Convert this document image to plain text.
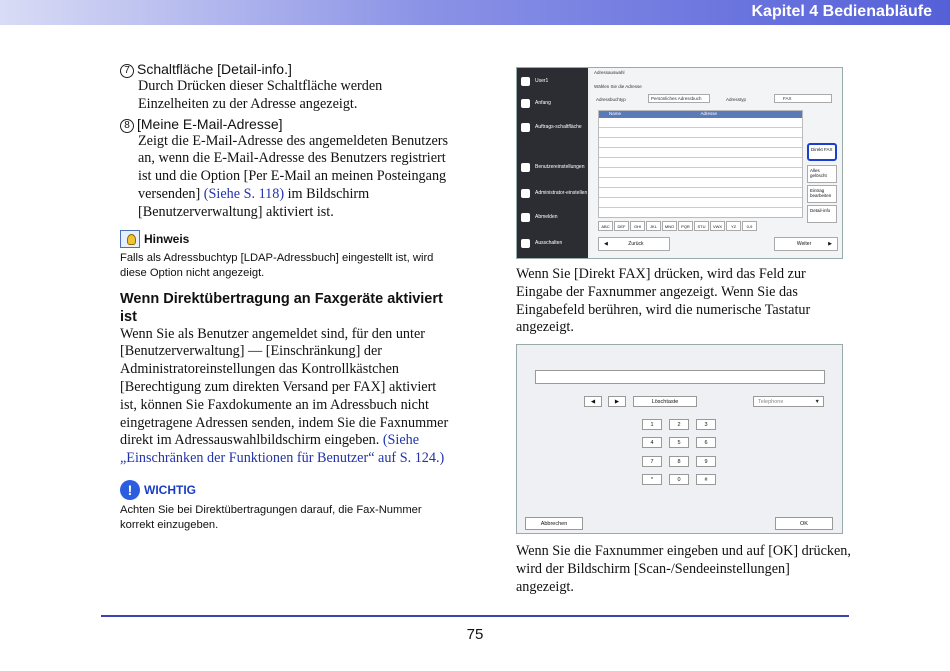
Kapitel 4 Bedienabläufe
7 Schaltfläche [Detail-info.]
Durch Drücken dieser Schaltfläche werden Einzelheiten zu der Adresse angezeigt.
8 [Meine E-Mail-Adresse]
Zeigt die E-Mail-Adresse des angemeldeten Benutzers an, wenn die E-Mail-Adresse des Benutzers registriert ist und die Option [Per E-Mail an meinen Posteingang versenden] (Siehe S. 118) im Bildschirm [Benutzerverwaltung] aktiviert ist.
Hinweis
Falls als Adressbuchtyp [LDAP-Adressbuch] eingestellt ist, wird diese Option nicht angezeigt.
Wenn Direktübertragung an Faxgeräte aktiviert ist
Wenn Sie als Benutzer angemeldet sind, für den unter [Benutzerverwaltung] — [Einschränkung] der Administratoreinstellungen das Kontrollkästchen [Berechtigung zum direkten Versand per FAX] aktiviert ist, können Sie Faxdokumente an im Adressbuch nicht eingetragene Adressen senden, indem Sie die Faxnummer direkt im Adressauswahlbildschirm eingeben. (Siehe „Einschränken der Funktionen für Benutzer“ auf S. 124.)
! WICHTIG
Achten Sie bei Direktübertragungen darauf, die Fax-Nummer korrekt einzugeben.
User1
Anfang
Auftrags-schaltfläche
Benutzereinstellungen
Administrator-einstellen
Abmelden
Ausschalten
Adressauswahl
Wählen Sie die Adresse
Adressbuchtyp	Persönliches Adressbuch	Adresstyp	FAX
Name	Adresse
ABC	DEF	GHI	JKL	MNO	PQR	STU	VWX	YZ	0-9
Direkt FAX
Alles gelöscht
Eintrag bearbeiten
Detail-info
◀	Zurück	Weiter	▶
Wenn Sie [Direkt FAX] drücken, wird das Feld zur Eingabe der Faxnummer angezeigt. Wenn Sie das Eingabefeld berühren, wird die numerische Tastatur angezeigt.
◀	▶	Löschtaste	Telephone	▼
1	2	3
4	5	6
7	8	9
*	0	#
Abbrechen	OK
Wenn Sie die Faxnummer eingeben und auf [OK] drücken, wird der Bildschirm [Scan-/Sendeeinstellungen] angezeigt.
75
